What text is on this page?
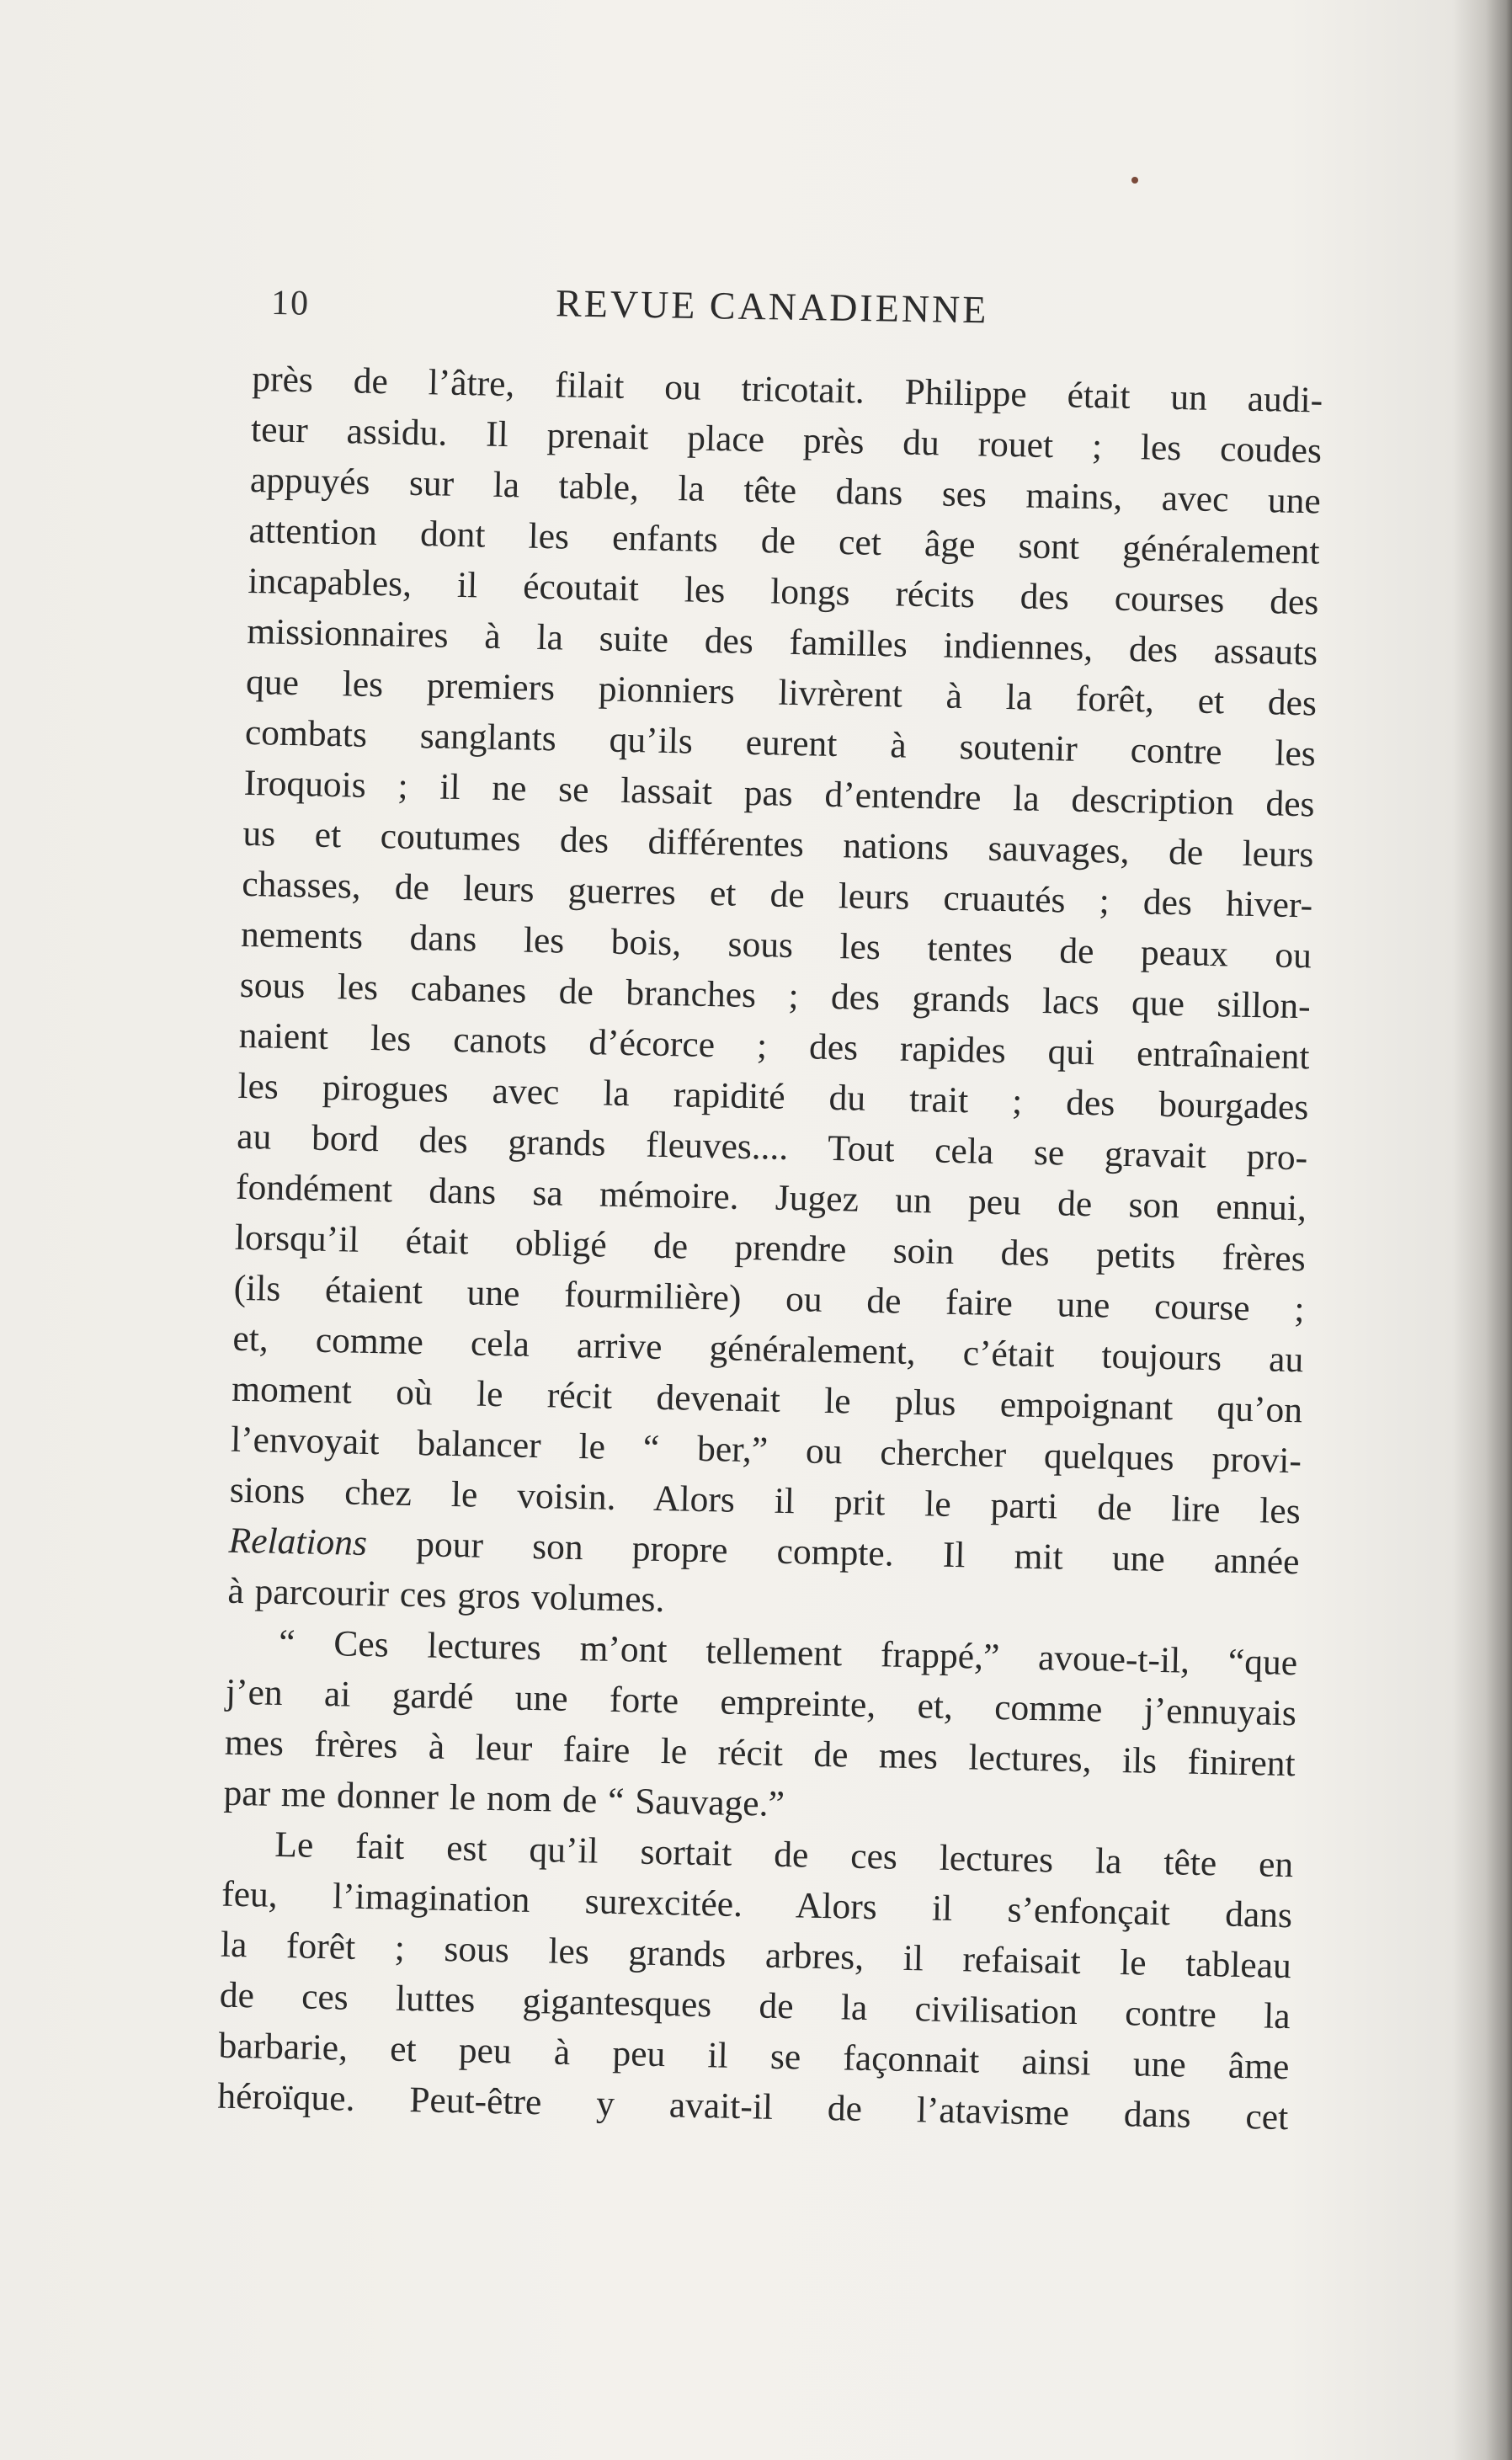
10	REVUE CANADIENNE
près de l’âtre, filait ou tricotait. Philippe était un audi-
teur assidu. Il prenait place près du rouet ; les coudes
appuyés sur la table, la tête dans ses mains, avec une
attention dont les enfants de cet âge sont généralement
incapables, il écoutait les longs récits des courses des
missionnaires à la suite des familles indiennes, des assauts
que les premiers pionniers livrèrent à la forêt, et des
combats sanglants qu’ils eurent à soutenir contre les
Iroquois ; il ne se lassait pas d’entendre la description des
us et coutumes des différentes nations sauvages, de leurs
chasses, de leurs guerres et de leurs cruautés ; des hiver-
nements dans les bois, sous les tentes de peaux ou
sous les cabanes de branches ; des grands lacs que sillon-
naient les canots d’écorce ; des rapides qui entraînaient
les pirogues avec la rapidité du trait ; des bourgades
au bord des grands fleuves.... Tout cela se gravait pro-
fondément dans sa mémoire. Jugez un peu de son ennui,
lorsqu’il était obligé de prendre soin des petits frères
(ils étaient une fourmilière) ou de faire une course ;
et, comme cela arrive généralement, c’était toujours au
moment où le récit devenait le plus empoignant qu’on
l’envoyait balancer le “ ber,” ou chercher quelques provi-
sions chez le voisin. Alors il prit le parti de lire les
Relations pour son propre compte. Il mit une année
à parcourir ces gros volumes.
“ Ces lectures m’ont tellement frappé,” avoue-t-il, “que
j’en ai gardé une forte empreinte, et, comme j’ennuyais
mes frères à leur faire le récit de mes lectures, ils finirent
par me donner le nom de “ Sauvage.”
Le fait est qu’il sortait de ces lectures la tête en
feu, l’imagination surexcitée. Alors il s’enfonçait dans
la forêt ; sous les grands arbres, il refaisait le tableau
de ces luttes gigantesques de la civilisation contre la
barbarie, et peu à peu il se façonnait ainsi une âme
héroïque. Peut-être y avait-il de l’atavisme dans cet
